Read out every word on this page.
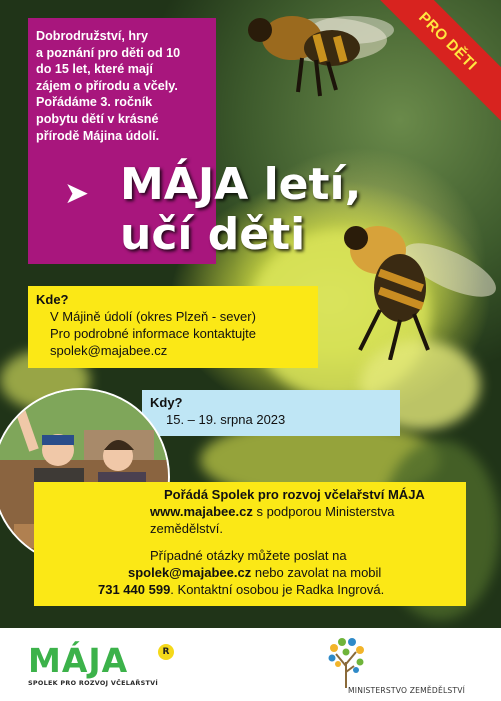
PRO DĚTI

Dobrodružství, hry
a poznání pro děti od 10
do 15 let, které mají
zájem o přírodu a včely.
Pořádáme 3. ročník
pobytu dětí v krásné
přírodě Májina údolí.

➤ MÁJA letí,
učí děti
Kde?
V Májině údolí (okres Plzeň - sever)
Pro podrobné informace kontaktujte
spolek@majabee.cz
Kdy?
15. – 19. srpna 2023
Pořádá Spolek pro rozvoj včelařství MÁJA
www.majabee.cz s podporou Ministerstva
zemědělství.
Případné otázky můžete poslat na
spolek@majabee.cz nebo zavolat na mobil
731 440 599. Kontaktní osobou je Radka Ingrová.
MÁJA	R
SPOLEK PRO ROZVOJ VČELAŘSTVÍ
MINISTERSTVO ZEMĚDĚLSTVÍ
